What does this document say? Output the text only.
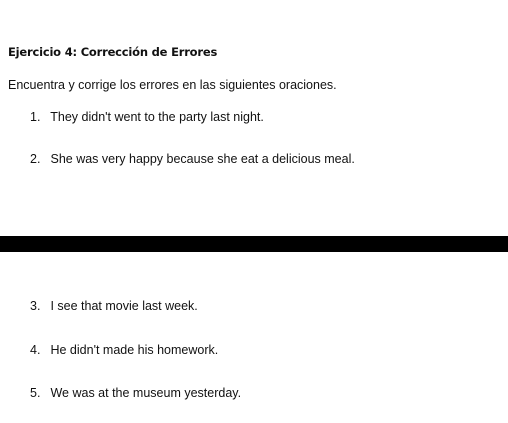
Ejercicio 4: Corrección de Errores
Encuentra y corrige los errores en las siguientes oraciones.
1. They didn't went to the party last night.
2. She was very happy because she eat a delicious meal.
3. I see that movie last week.
4. He didn't made his homework.
5. We was at the museum yesterday.
